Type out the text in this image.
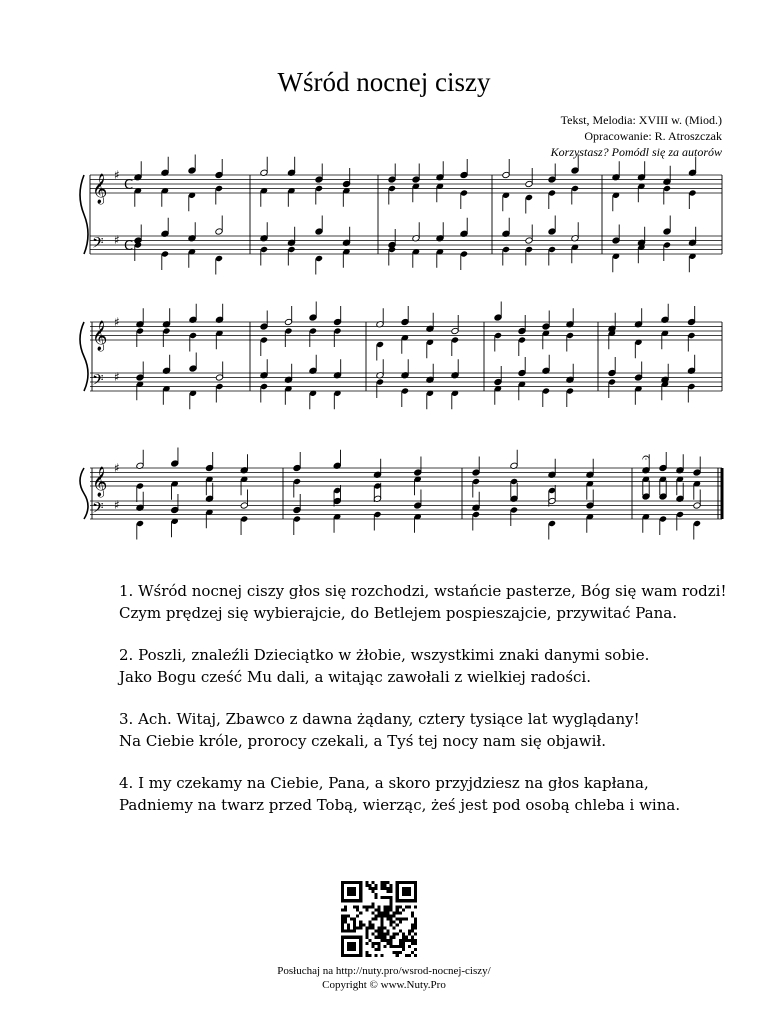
Wśród nocnej ciszy
Tekst, Melodia: XVIII w. (Miod.)
Opracowanie: R. Atroszczak
Korzystasz? Pomódl się za autorów
𝄞 ♯
C
𝄢 ♯ C
𝄞 ♯
𝄢 ♯
𝄞 ♯
𝄢 ♯
𝄐

1. Wśród nocnej ciszy głos się rozchodzi, wstańcie pasterze, Bóg się wam rodzi!

Czym prędzej się wybierajcie, do Betlejem pospieszajcie, przywitać Pana.

2. Poszli, znaleźli Dzieciątko w żłobie, wszystkimi znaki danymi sobie.

Jako Bogu cześć Mu dali, a witając zawołali z wielkiej radości.

3. Ach. Witaj, Zbawco z dawna żądany, cztery tysiące lat wyglądany!

Na Ciebie króle, prorocy czekali, a Tyś tej nocy nam się objawił.

4. I my czekamy na Ciebie, Pana, a skoro przyjdziesz na głos kapłana,

Padniemy na twarz przed Tobą, wierząc, żeś jest pod osobą chleba i wina.

Posłuchaj na http://nuty.pro/wsrod-nocnej-ciszy/
Copyright © www.Nuty.Pro
